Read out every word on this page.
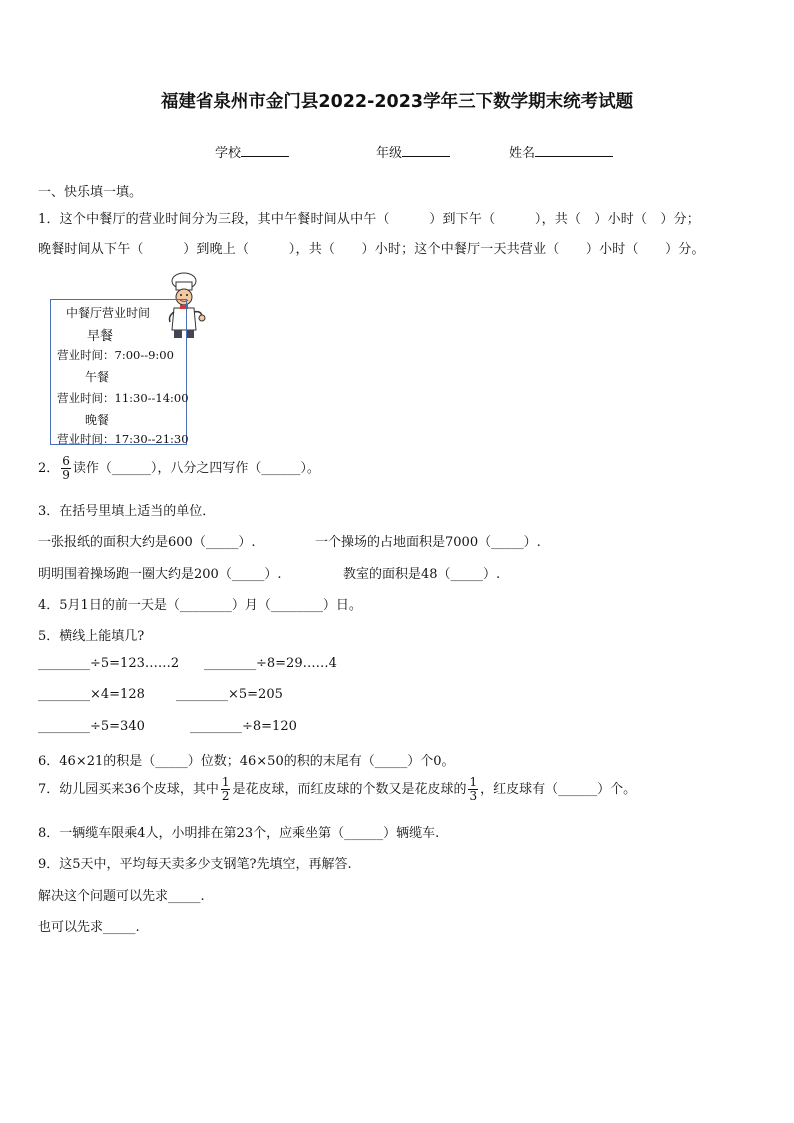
福建省泉州市金门县2022-2023学年三下数学期末统考试题
学校	年级	姓名
一、快乐填一填。
1．这个中餐厅的营业时间分为三段，其中午餐时间从中午（　　　）到下午（　　　），共（　）小时（　）分；
晚餐时间从下午（　　　）到晚上（　　　），共（　　）小时；这个中餐厅一天共营业（　　）小时（　　）分。
中餐厅营业时间
早餐
营业时间：7:00--9:00
午餐
营业时间：11:30--14:00
晚餐
营业时间：17:30--21:30
2． $\frac{6}{9}$ 读作（______），八分之四写作（______）。
3．在括号里填上适当的单位．
一张报纸的面积大约是600（_____）.	一个操场的占地面积是7000（_____）.
明明围着操场跑一圈大约是200（_____）.	教室的面积是48（_____）.
4．5月1日的前一天是（________）月（________）日。
5．横线上能填几?
________÷5=123……2 ________÷8=29……4
________×4=128 ________×5=205
________÷5=340	________÷8=120
6．46×21的积是（_____）位数；46×50的积的末尾有（_____）个0。
7．幼儿园买来36个皮球，其中 $\frac{1}{2}$ 是花皮球，而红皮球的个数又是花皮球的 $\frac{1}{3}$ ，红皮球有（______）个。
8．一辆缆车限乘4人，小明排在第23个，应乘坐第（______）辆缆车.
9．这5天中，平均每天卖多少支钢笔?先填空，再解答.
解决这个问题可以先求_____.
也可以先求_____.
